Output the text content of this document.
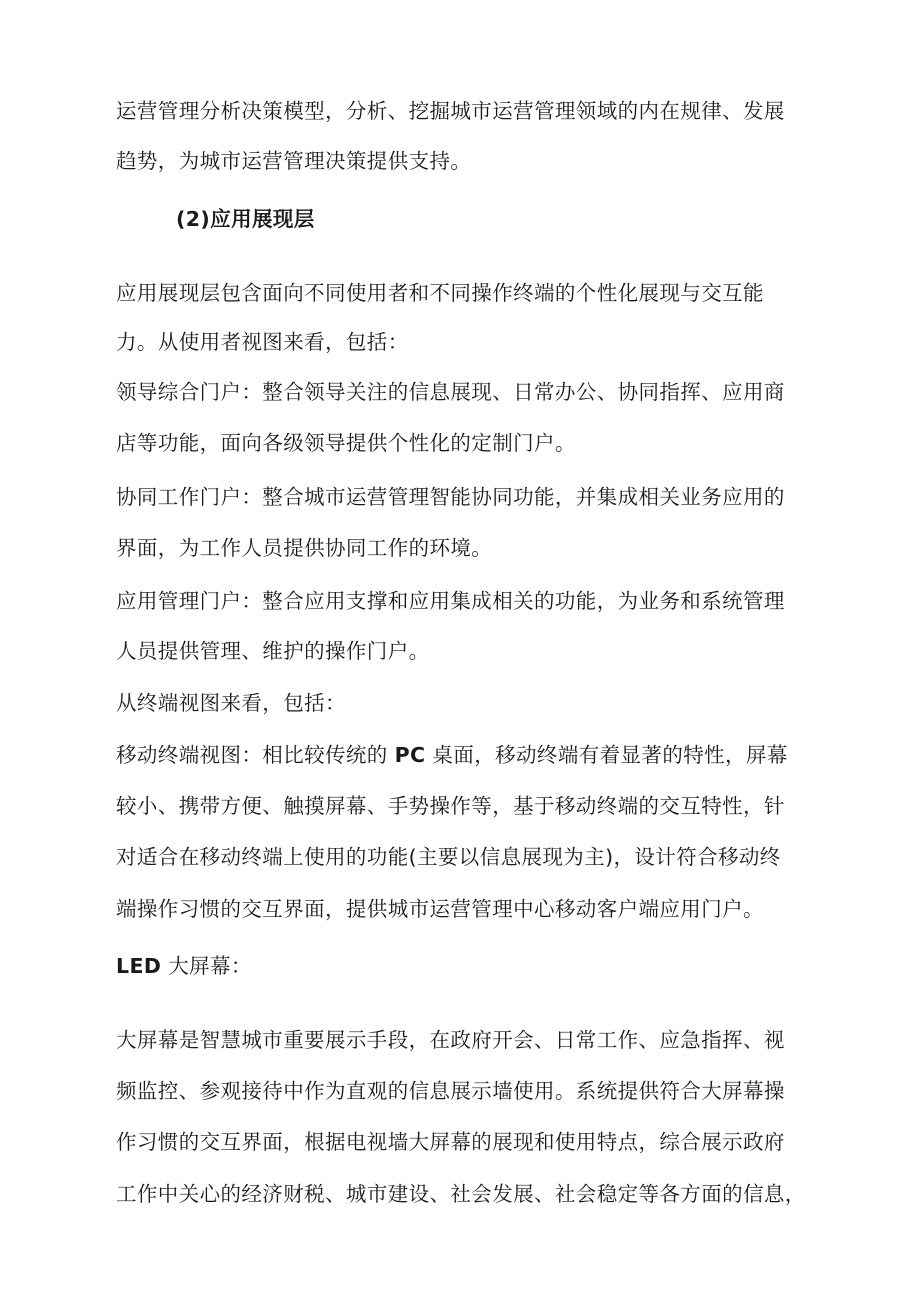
运营管理分析决策模型，分析、挖掘城市运营管理领域的内在规律、发展
趋势，为城市运营管理决策提供支持。
(2)应用展现层
应用展现层包含面向不同使用者和不同操作终端的个性化展现与交互能
力。从使用者视图来看，包括：
领导综合门户：整合领导关注的信息展现、日常办公、协同指挥、应用商
店等功能，面向各级领导提供个性化的定制门户。
协同工作门户：整合城市运营管理智能协同功能，并集成相关业务应用的
界面，为工作人员提供协同工作的环境。
应用管理门户：整合应用支撑和应用集成相关的功能，为业务和系统管理
人员提供管理、维护的操作门户。
从终端视图来看，包括：
移动终端视图：相比较传统的 PC 桌面，移动终端有着显著的特性，屏幕
较小、携带方便、触摸屏幕、手势操作等，基于移动终端的交互特性，针
对适合在移动终端上使用的功能(主要以信息展现为主)，设计符合移动终
端操作习惯的交互界面，提供城市运营管理中心移动客户端应用门户。
LED 大屏幕：
大屏幕是智慧城市重要展示手段，在政府开会、日常工作、应急指挥、视
频监控、参观接待中作为直观的信息展示墙使用。系统提供符合大屏幕操
作习惯的交互界面，根据电视墙大屏幕的展现和使用特点，综合展示政府
工作中关心的经济财税、城市建设、社会发展、社会稳定等各方面的信息，
